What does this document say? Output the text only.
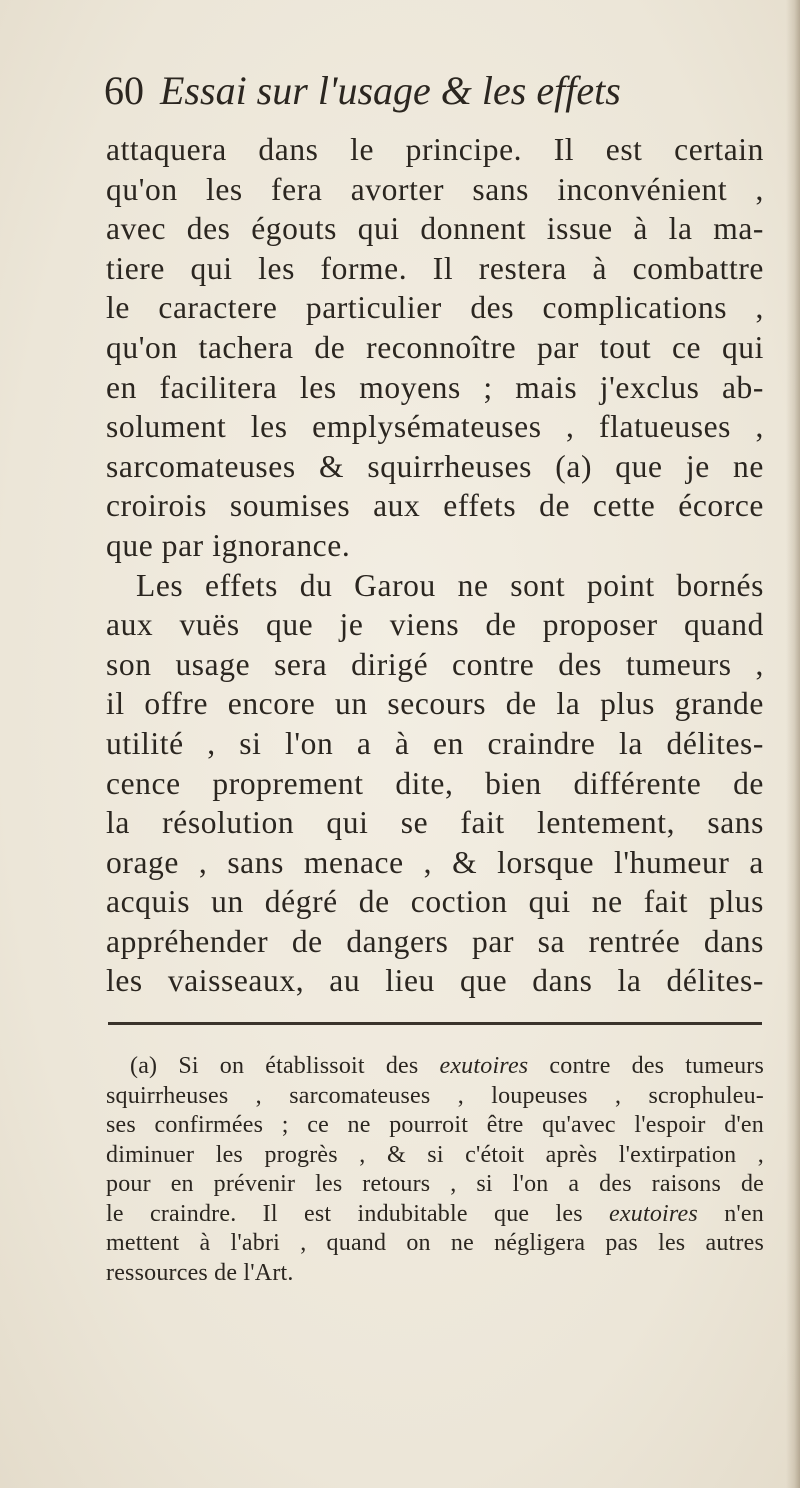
60 Essai sur l'usage & les effets
attaquera dans le principe. Il est certain
qu'on les fera avorter sans inconvénient ,
avec des égouts qui donnent issue à la ma-
tiere qui les forme. Il restera à combattre
le caractere particulier des complications ,
qu'on tachera de reconnoître par tout ce qui
en facilitera les moyens ; mais j'exclus ab-
solument les emplysémateuses , flatueuses ,
sarcomateuses & squirrheuses (a) que je ne
croirois soumises aux effets de cette écorce
que par ignorance.
Les effets du Garou ne sont point bornés
aux vuës que je viens de proposer quand
son usage sera dirigé contre des tumeurs ,
il offre encore un secours de la plus grande
utilité , si l'on a à en craindre la délites-
cence proprement dite, bien différente de
la résolution qui se fait lentement, sans
orage , sans menace , & lorsque l'humeur a
acquis un dégré de coction qui ne fait plus
appréhender de dangers par sa rentrée dans
les vaisseaux, au lieu que dans la délites-
(a) Si on établissoit des exutoires contre des tumeurs
squirrheuses , sarcomateuses , loupeuses , scrophuleu-
ses confirmées ; ce ne pourroit être qu'avec l'espoir d'en
diminuer les progrès , & si c'étoit après l'extirpation ,
pour en prévenir les retours , si l'on a des raisons de
le craindre. Il est indubitable que les exutoires n'en
mettent à l'abri , quand on ne négligera pas les autres
ressources de l'Art.
